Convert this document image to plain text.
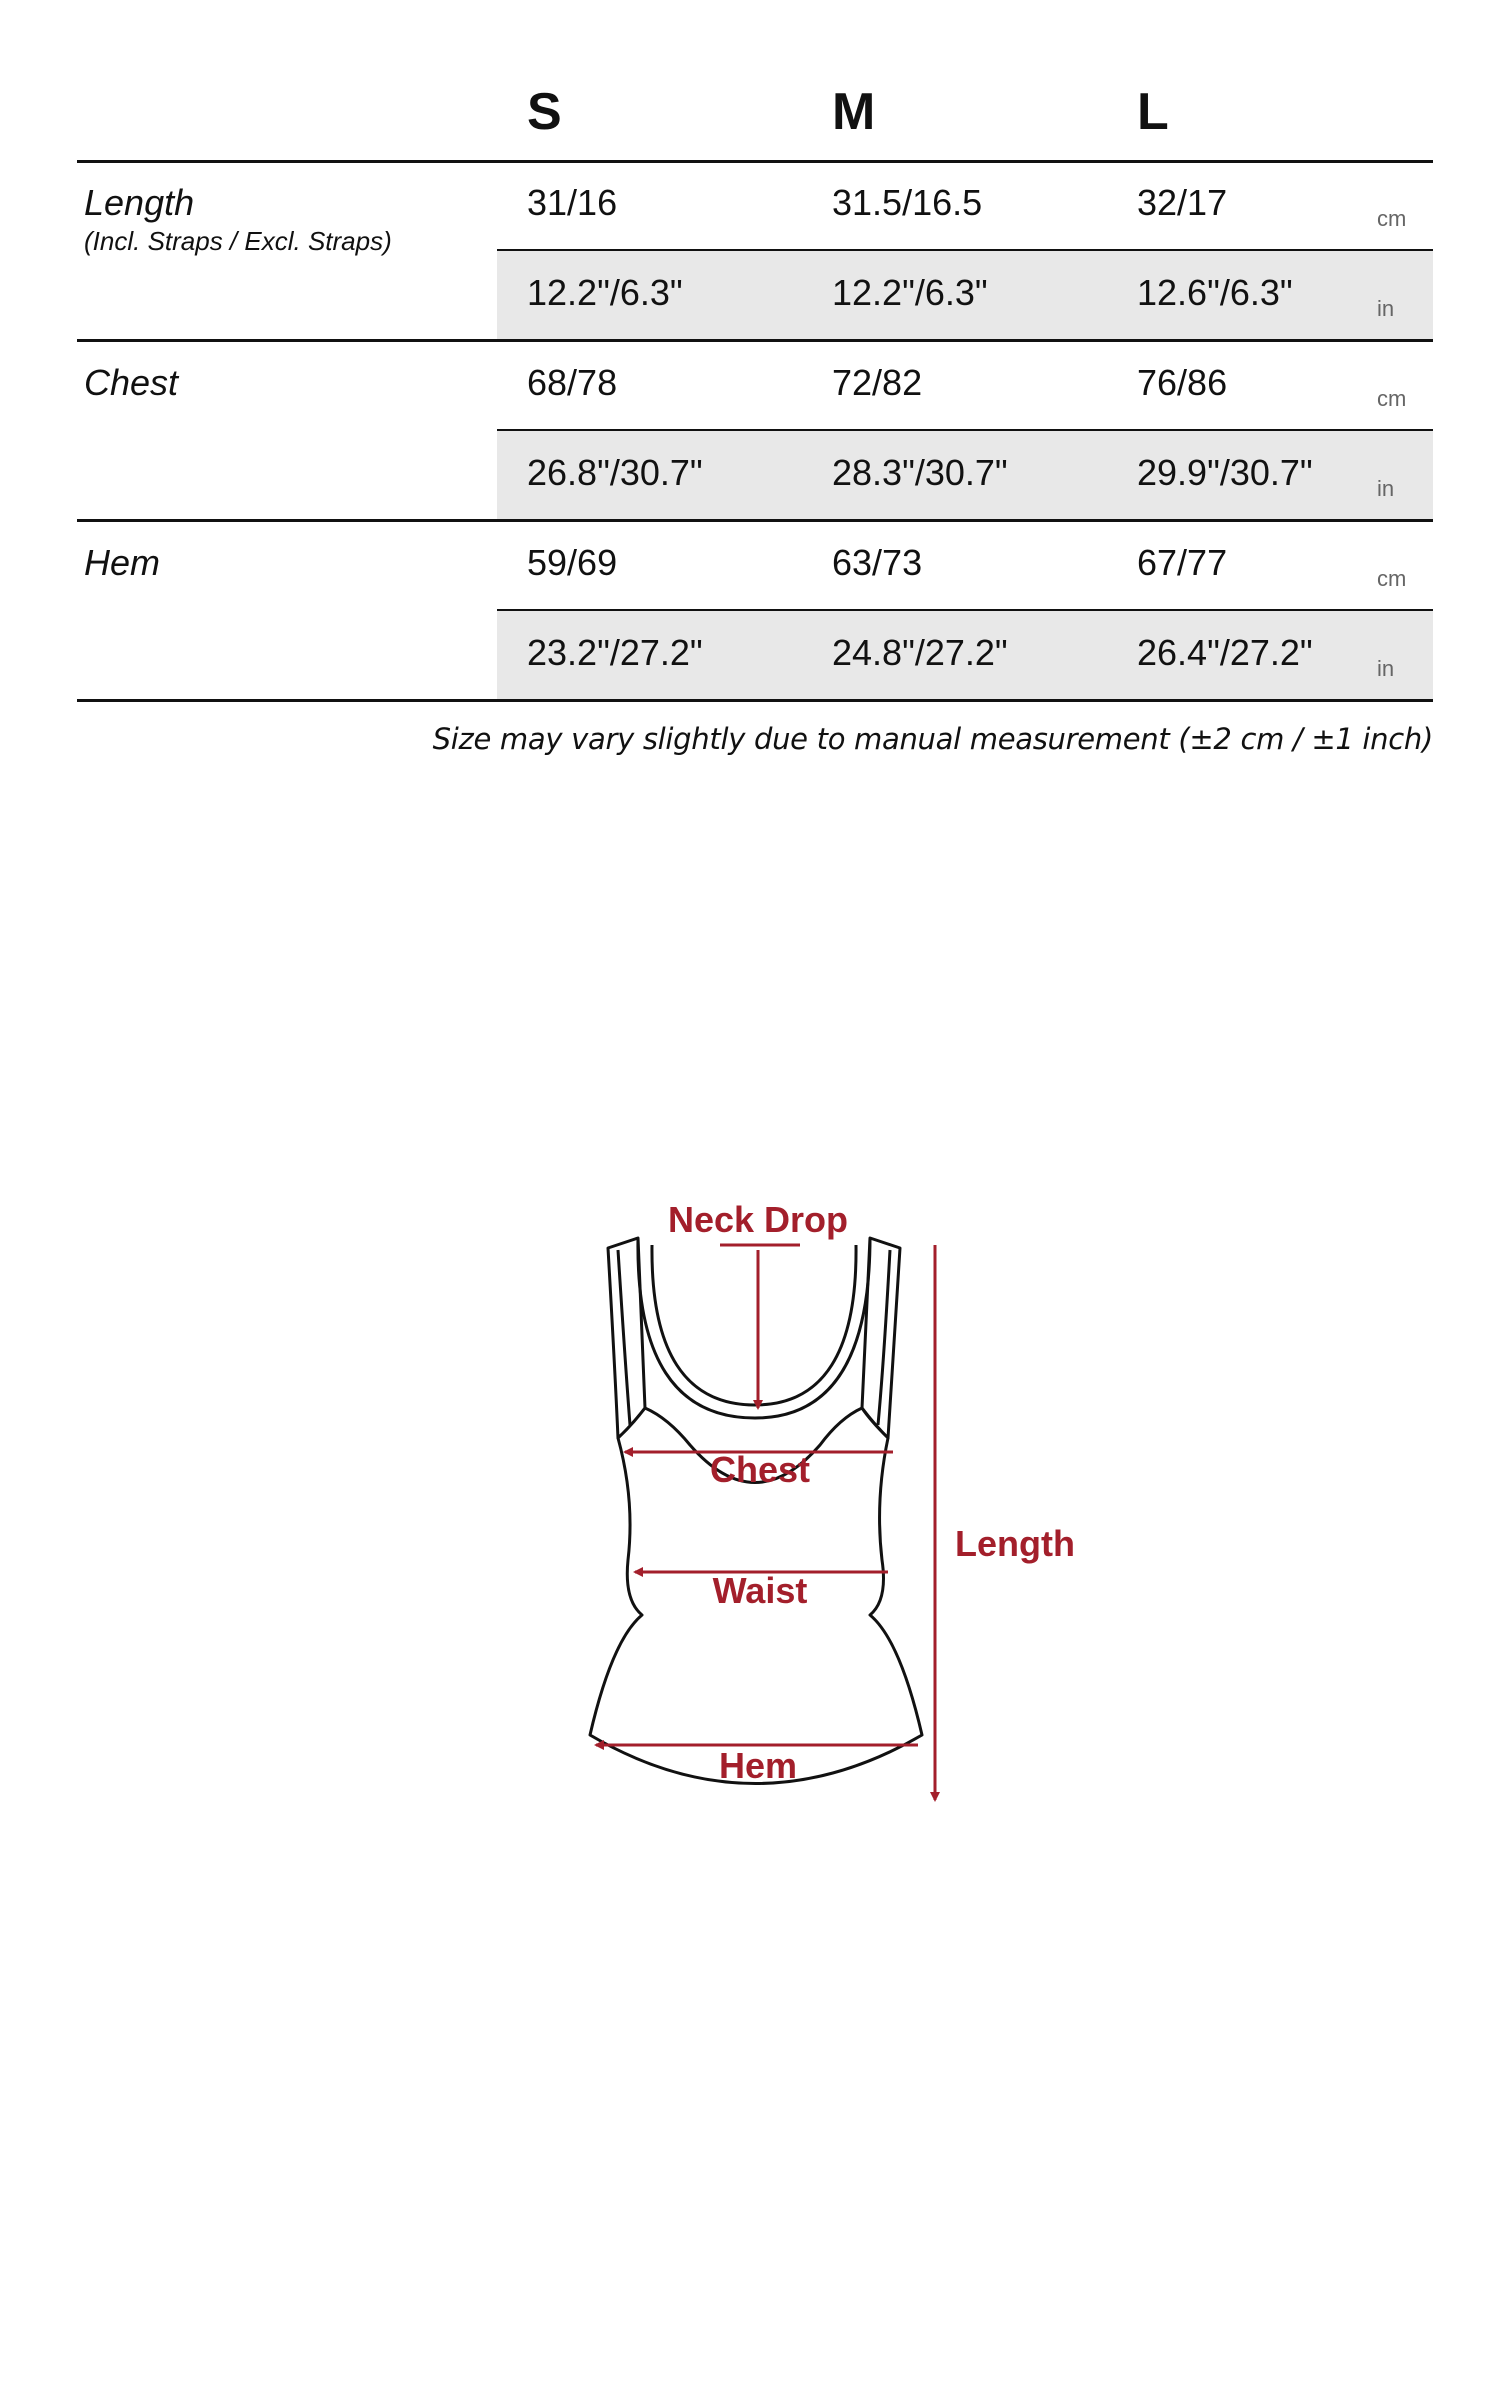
S	M	L
Length
(Incl. Straps / Excl. Straps)
31/16	31.5/16.5	32/17	cm
12.2"/6.3"	12.2"/6.3"	12.6"/6.3"	in
Chest	68/78	72/82	76/86	cm
26.8"/30.7"	28.3"/30.7"	29.9"/30.7"	in
Hem	59/69	63/73	67/77	cm
23.2"/27.2"	24.8"/27.2"	26.4"/27.2"	in
Size may vary slightly due to manual measurement (±2 cm / ±1 inch)
Neck Drop
Chest
Waist
Hem
Length
